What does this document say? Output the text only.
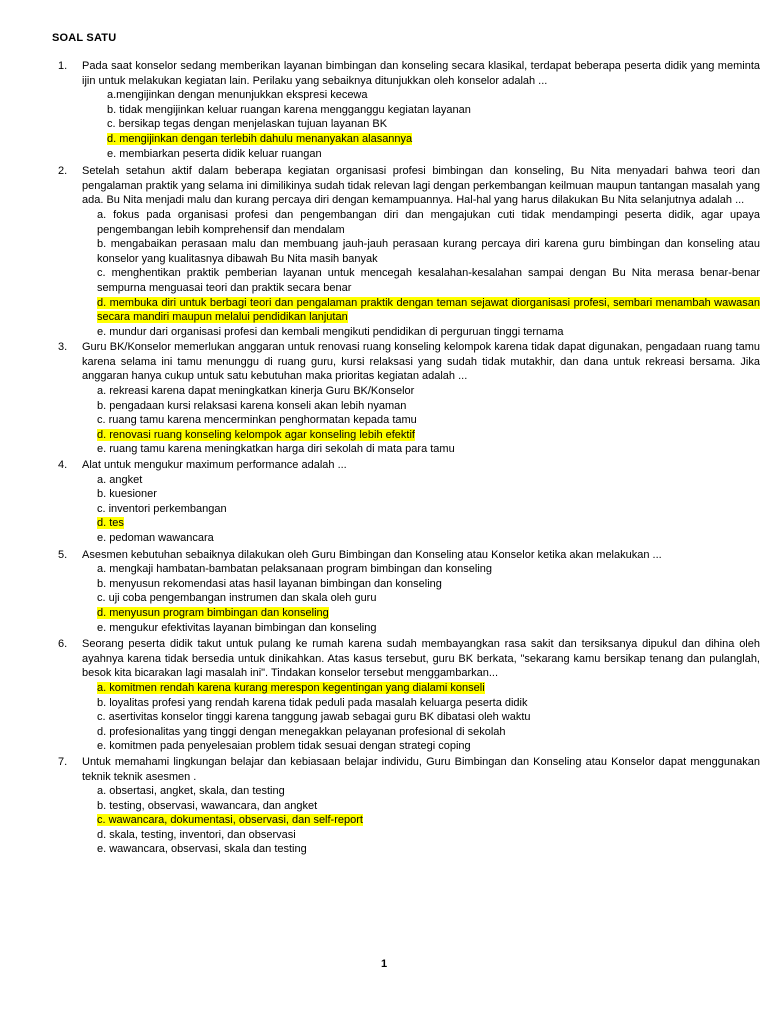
SOAL SATU
1. Pada saat konselor sedang memberikan layanan bimbingan dan konseling secara klasikal, terdapat beberapa peserta didik yang meminta ijin untuk melakukan kegiatan lain. Perilaku yang sebaiknya ditunjukkan oleh konselor adalah ...
a.mengijinkan dengan menunjukkan ekspresi kecewa
b. tidak mengijinkan keluar ruangan karena mengganggu kegiatan layanan
c. bersikap tegas dengan menjelaskan tujuan layanan BK
d. mengijinkan dengan terlebih dahulu menanyakan alasannya
e. membiarkan peserta didik keluar ruangan
2. Setelah setahun aktif dalam beberapa kegiatan organisasi profesi bimbingan dan konseling, Bu Nita menyadari bahwa teori dan pengalaman praktik yang selama ini dimilikinya sudah tidak relevan lagi dengan perkembangan keilmuan maupun tantangan masalah yang ada. Bu Nita menjadi malu dan kurang percaya diri dengan kemampuannya. Hal-hal yang harus dilakukan Bu Nita selanjutnya adalah ...
a. fokus pada organisasi profesi dan pengembangan diri dan mengajukan cuti tidak mendampingi peserta didik, agar upaya pengembangan lebih komprehensif dan mendalam
b. mengabaikan perasaan malu dan membuang jauh-jauh perasaan kurang percaya diri karena guru bimbingan dan konseling atau konselor yang kualitasnya dibawah Bu Nita masih banyak
c. menghentikan praktik pemberian layanan untuk mencegah kesalahan-kesalahan sampai dengan Bu Nita merasa benar-benar sempurna menguasai teori dan praktik secara benar
d. membuka diri untuk berbagi teori dan pengalaman praktik dengan teman sejawat diorganisasi profesi, sembari menambah wawasan secara mandiri maupun melalui pendidikan lanjutan
e. mundur dari organisasi profesi dan kembali mengikuti pendidikan di perguruan tinggi ternama
3. Guru BK/Konselor memerlukan anggaran untuk renovasi ruang konseling kelompok karena tidak dapat digunakan, pengadaan ruang tamu karena selama ini tamu menunggu di ruang guru, kursi relaksasi yang sudah tidak mutakhir, dan dana untuk rekreasi bersama. Jika anggaran hanya cukup untuk satu kebutuhan maka prioritas kegiatan adalah ...
a. rekreasi karena dapat meningkatkan kinerja Guru BK/Konselor
b. pengadaan kursi relaksasi karena konseli akan lebih nyaman
c. ruang tamu karena mencerminkan penghormatan kepada tamu
d. renovasi ruang konseling kelompok agar konseling lebih efektif
e. ruang tamu karena meningkatkan harga diri sekolah di mata para tamu
4. Alat untuk mengukur maximum performance adalah ...
a. angket
b. kuesioner
c. inventori perkembangan
d. tes
e. pedoman wawancara
5. Asesmen kebutuhan sebaiknya dilakukan oleh Guru Bimbingan dan Konseling atau Konselor ketika akan melakukan ...
a. mengkaji hambatan-bambatan pelaksanaan program bimbingan dan konseling
b. menyusun rekomendasi atas hasil layanan bimbingan dan konseling
c. uji coba pengembangan instrumen dan skala oleh guru
d. menyusun program bimbingan dan konseling
e. mengukur efektivitas layanan bimbingan dan konseling
6. Seorang peserta didik takut untuk pulang ke rumah karena sudah membayangkan rasa sakit dan tersiksanya dipukul dan dihina oleh ayahnya karena tidak bersedia untuk dinikahkan. Atas kasus tersebut, guru BK berkata, "sekarang kamu bersikap tenang dan pulanglah, besok kita bicarakan lagi masalah ini". Tindakan konselor tersebut menggambarkan...
a. komitmen rendah karena kurang merespon kegentingan yang dialami konseli
b. loyalitas profesi yang rendah karena tidak peduli pada masalah keluarga peserta didik
c. asertivitas konselor tinggi karena tanggung jawab sebagai guru BK dibatasi oleh waktu
d. profesionalitas yang tinggi dengan menegakkan pelayanan profesional di sekolah
e. komitmen pada penyelesaian problem tidak sesuai dengan strategi coping
7. Untuk memahami lingkungan belajar dan kebiasaan belajar individu, Guru Bimbingan dan Konseling atau Konselor dapat menggunakan teknik teknik asesmen .
a. obsertasi, angket, skala, dan testing
b. testing, observasi, wawancara, dan angket
c. wawancara, dokumentasi, observasi, dan self-report
d. skala, testing, inventori, dan observasi
e. wawancara, observasi, skala dan testing
1
